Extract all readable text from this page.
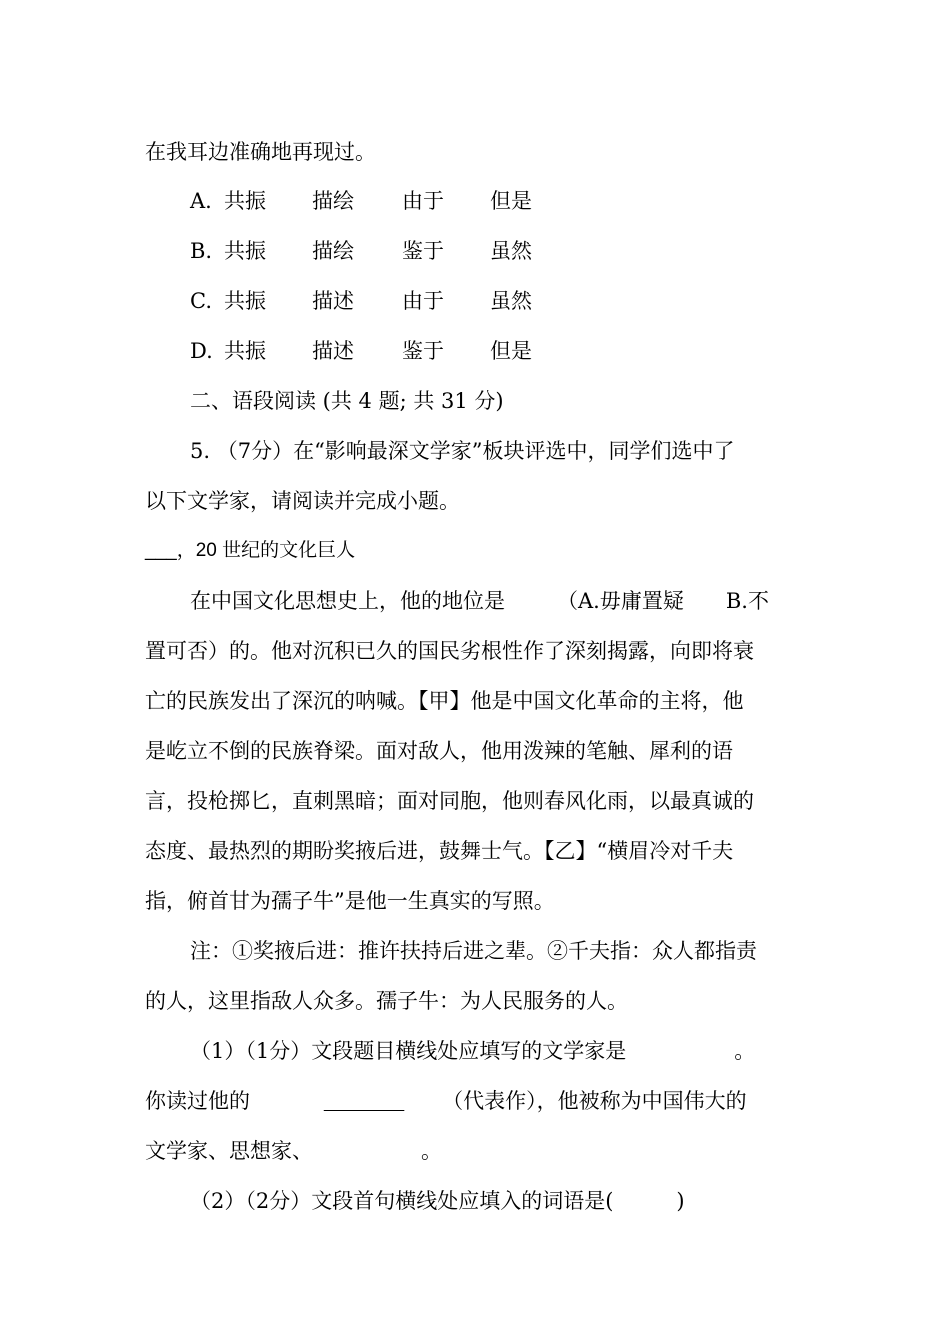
在我耳边准确地再现过。
A. 共振 描绘 由于 但是
B. 共振 描绘 鉴于 虽然
C. 共振 描述 由于 虽然
D. 共振 描述 鉴于 但是
二、语段阅读 (共 4 题; 共 31 分)
5. （7分）在“影响最深文学家”板块评选中，同学们选中了
以下文学家，请阅读并完成小题。
___，20 世纪的文化巨人
在中国文化思想史上，他的地位是 （A.毋庸置疑 B.不
置可否）的。他对沉积已久的国民劣根性作了深刻揭露，向即将衰
亡的民族发出了深沉的呐喊。【甲】他是中国文化革命的主将，他
是屹立不倒的民族脊梁。面对敌人，他用泼辣的笔触、犀利的语
言，投枪掷匕，直刺黑暗；面对同胞，他则春风化雨，以最真诚的
态度、最热烈的期盼奖掖后进，鼓舞士气。【乙】“横眉冷对千夫
指，俯首甘为孺子牛”是他一生真实的写照。
注：①奖掖后进：推许扶持后进之辈。②千夫指：众人都指责
的人，这里指敌人众多。孺子牛：为人民服务的人。
（1）（1分）文段题目横线处应填写的文学家是	。
你读过他的	_________ （代表作），他被称为中国伟大的
文学家、思想家、	。
（2）（2分）文段首句横线处应填入的词语是(　　　)
